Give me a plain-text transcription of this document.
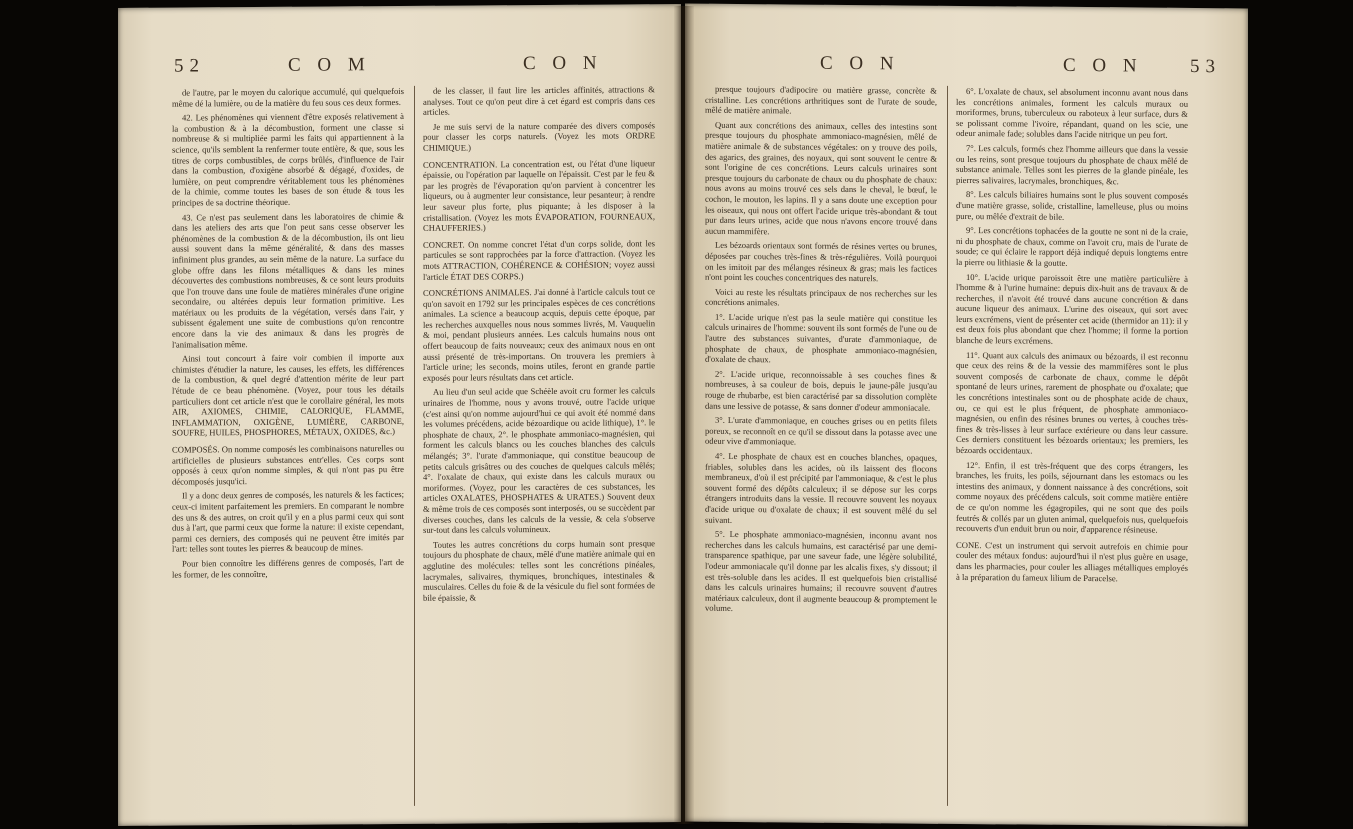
52	C O M	C O N

de l'autre, par le moyen du calorique accumulé, qui quelquefois même dé la lumière, ou de la matière du feu sous ces deux formes.

42. Les phénomènes qui viennent d'être exposés relativement à la combustion & à la décombustion, forment une classe si nombreuse & si multipliée parmi les faits qui appartiennent à la science, qu'ils semblent la renfermer toute entière, & que, sous les titres de corps combustibles, de corps brûlés, d'influence de l'air dans la combustion, d'oxigène absorbé & dégagé, d'oxides, de lumière, on peut comprendre véritablement tous les phénomènes de la chimie, comme toutes les bases de son étude & tous les principes de sa doctrine théorique.

43. Ce n'est pas seulement dans les laboratoires de chimie & dans les ateliers des arts que l'on peut sans cesse observer les phénomènes de la combustion & de la décombustion, ils ont lieu aussi souvent dans la même généralité, & dans des masses infiniment plus grandes, au sein même de la nature. La surface du globe offre dans les filons métalliques & dans les mines découvertes des combustions nombreuses, & ce sont leurs produits que l'on trouve dans une foule de matières minérales d'une origine secondaire, ou altérées depuis leur formation primitive. Les matériaux ou les produits de la végétation, versés dans l'air, y subissent également une suite de combustions qu'on rencontre encore dans la vie des animaux & dans les progrès de l'animalisation même.

Ainsi tout concourt à faire voir combien il importe aux chimistes d'étudier la nature, les causes, les effets, les différences de la combustion, & quel degré d'attention mérite de leur part l'étude de ce beau phénomène. (Voyez, pour tous les détails particuliers dont cet article n'est que le corollaire général, les mots AIR, AXIOMES, CHIMIE, CALORIQUE, FLAMME, INFLAMMATION, OXIGÈNE, LUMIÈRE, CARBONE, SOUFRE, HUILES, PHOSPHORES, MÉTAUX, OXIDES, &c.)

COMPOSÉS. On nomme composés les combinaisons naturelles ou artificielles de plusieurs substances entr'elles. Ces corps sont opposés à ceux qu'on nomme simples, & qui n'ont pas pu être décomposés jusqu'ici.

Il y a donc deux genres de composés, les naturels & les factices; ceux-ci imitent parfaitement les premiers. En comparant le nombre des uns & des autres, on croit qu'il y en a plus parmi ceux qui sont dus à l'art, que parmi ceux que forme la nature: il existe cependant, parmi ces derniers, des composés qui ne peuvent être imités par l'art: telles sont toutes les pierres & beaucoup de mines.

Pour bien connoître les différens genres de composés, l'art de les former, de les connoître,

de les classer, il faut lire les articles affinités, attractions & analyses. Tout ce qu'on peut dire à cet égard est compris dans ces articles.

Je me suis servi de la nature comparée des divers composés pour classer les corps naturels. (Voyez les mots ORDRE CHIMIQUE.)

CONCENTRATION. La concentration est, ou l'état d'une liqueur épaissie, ou l'opération par laquelle on l'épaissit. C'est par le feu & par les progrès de l'évaporation qu'on parvient à concentrer les liqueurs, ou à augmenter leur consistance, leur pesanteur; à rendre leur saveur plus forte, plus piquante; à les disposer à la cristallisation. (Voyez les mots ÉVAPORATION, FOURNEAUX, CHAUFFERIES.)

CONCRET. On nomme concret l'état d'un corps solide, dont les particules se sont rapprochées par la force d'attraction. (Voyez les mots ATTRACTION, COHÉRENCE & COHÉSION; voyez aussi l'article ÉTAT DES CORPS.)

CONCRÉTIONS ANIMALES. J'ai donné à l'article calculs tout ce qu'on savoit en 1792 sur les principales espèces de ces concrétions animales. La science a beaucoup acquis, depuis cette époque, par les recherches auxquelles nous nous sommes livrés, M. Vauquelin & moi, pendant plusieurs années. Les calculs humains nous ont offert beaucoup de faits nouveaux; ceux des animaux nous en ont aussi présenté de très-importans. On trouvera les premiers à l'article urine; les seconds, moins utiles, feront en grande partie exposés pour leurs résultats dans cet article.

Au lieu d'un seul acide que Schéèle avoit cru former les calculs urinaires de l'homme, nous y avons trouvé, outre l'acide urique (c'est ainsi qu'on nomme aujourd'hui ce qui avoit été nommé dans les volumes précédens, acide bézoardique ou acide lithique), 1°. le phosphate de chaux, 2°. le phosphate ammoniaco-magnésien, qui forment les calculs blancs ou les couches blanches des calculs mélangés; 3°. l'urate d'ammoniaque, qui constitue beaucoup de petits calculs grisâtres ou des couches de quelques calculs mêlés; 4°. l'oxalate de chaux, qui existe dans les calculs muraux ou moriformes. (Voyez, pour les caractères de ces substances, les articles OXALATES, PHOSPHATES & URATES.) Souvent deux & même trois de ces composés sont interposés, ou se succèdent par diverses couches, dans les calculs de la vessie, & cela s'observe sur-tout dans les calculs volumineux.

Toutes les autres concrétions du corps humain sont presque toujours du phosphate de chaux, mêlé d'une matière animale qui en agglutine des molécules: telles sont les concrétions pinéales, lacrymales, salivaires, thymiques, bronchiques, intestinales & musculaires. Celles du foie & de la vésicule du fiel sont formées de bile épaissie, &

C O N	C O N 53

presque toujours d'adipocire ou matière grasse, concrète & cristalline. Les concrétions arthritiques sont de l'urate de soude, mêlé de matière animale.

Quant aux concrétions des animaux, celles des intestins sont presque toujours du phosphate ammoniaco-magnésien, mêlé de matière animale & de substances végétales: on y trouve des poils, des agarics, des graines, des noyaux, qui sont souvent le centre & sont l'origine de ces concrétions. Leurs calculs urinaires sont presque toujours du carbonate de chaux ou du phosphate de chaux: nous avons au moins trouvé ces sels dans le cheval, le bœuf, le cochon, le mouton, les lapins. Il y a sans doute une exception pour les oiseaux, qui nous ont offert l'acide urique très-abondant & tout pur dans leurs urines, acide que nous n'avons encore trouvé dans aucun mammifère.

Les bézoards orientaux sont formés de résines vertes ou brunes, déposées par couches très-fines & très-régulières. Voilà pourquoi on les imitoit par des mélanges résineux & gras; mais les factices n'ont point les couches concentriques des naturels.

Voici au reste les résultats principaux de nos recherches sur les concrétions animales.

1°. L'acide urique n'est pas la seule matière qui constitue les calculs urinaires de l'homme: souvent ils sont formés de l'une ou de l'autre des substances suivantes, d'urate d'ammoniaque, de phosphate de chaux, de phosphate ammoniaco-magnésien, d'oxalate de chaux.

2°. L'acide urique, reconnoissable à ses couches fines & nombreuses, à sa couleur de bois, depuis le jaune-pâle jusqu'au rouge de rhubarbe, est bien caractérisé par sa dissolution complète dans une lessive de potasse, & sans donner d'odeur ammoniacale.

3°. L'urate d'ammoniaque, en couches grises ou en petits filets poreux, se reconnoît en ce qu'il se dissout dans la potasse avec une odeur vive d'ammoniaque.

4°. Le phosphate de chaux est en couches blanches, opaques, friables, solubles dans les acides, où ils laissent des flocons membraneux, d'où il est précipité par l'ammoniaque, & c'est le plus souvent formé des dépôts calculeux; il se dépose sur les corps étrangers introduits dans la vessie. Il recouvre souvent les noyaux d'acide urique ou d'oxalate de chaux; il est souvent mêlé du sel suivant.

5°. Le phosphate ammoniaco-magnésien, inconnu avant nos recherches dans les calculs humains, est caractérisé par une demi-transparence spathique, par une saveur fade, une légère solubilité, l'odeur ammoniacale qu'il donne par les alcalis fixes, s'y dissout; il est très-soluble dans les acides. Il est quelquefois bien cristallisé dans les calculs urinaires humains; il recouvre souvent d'autres matériaux calculeux, dont il augmente beaucoup & promptement le volume.

6°. L'oxalate de chaux, sel absolument inconnu avant nous dans les concrétions animales, forment les calculs muraux ou moriformes, bruns, tuberculeux ou raboteux à leur surface, durs & se polissant comme l'ivoire, répandant, quand on les scie, une odeur animale fade; solubles dans l'acide nitrique un peu fort.

7°. Les calculs, formés chez l'homme ailleurs que dans la vessie ou les reins, sont presque toujours du phosphate de chaux mêlé de substance animale. Telles sont les pierres de la glande pinéale, les pierres salivaires, lacrymales, bronchiques, &c.

8°. Les calculs biliaires humains sont le plus souvent composés d'une matière grasse, solide, cristalline, lamelleuse, plus ou moins pure, ou mêlée d'extrait de bile.

9°. Les concrétions tophacées de la goutte ne sont ni de la craie, ni du phosphate de chaux, comme on l'avoit cru, mais de l'urate de soude; ce qui éclaire le rapport déjà indiqué depuis longtems entre la pierre ou lithiasie & la goutte.

10°. L'acide urique paroissoit être une matière particulière à l'homme & à l'urine humaine: depuis dix-huit ans de travaux & de recherches, il n'avoit été trouvé dans aucune concrétion & dans aucune liqueur des animaux. L'urine des oiseaux, qui sort avec leurs excrémens, vient de présenter cet acide (thermidor an 11): il y est deux fois plus abondant que chez l'homme; il forme la portion blanche de leurs excrémens.

11°. Quant aux calculs des animaux ou bézoards, il est reconnu que ceux des reins & de la vessie des mammifères sont le plus souvent composés de carbonate de chaux, comme le dépôt spontané de leurs urines, rarement de phosphate ou d'oxalate; que les concrétions intestinales sont ou de phosphate acide de chaux, ou, ce qui est le plus fréquent, de phosphate ammoniaco-magnésien, ou enfin des résines brunes ou vertes, à couches très-fines & très-lisses à leur surface extérieure ou dans leur cassure. Ces derniers constituent les bézoards orientaux; les premiers, les bézoards occidentaux.

12°. Enfin, il est très-fréquent que des corps étrangers, les branches, les fruits, les poils, séjournant dans les estomacs ou les intestins des animaux, y donnent naissance à des concrétions, soit comme noyaux des précédens calculs, soit comme matière entière de ce qu'on nomme les égagropiles, qui ne sont que des poils feutrés & collés par un gluten animal, quelquefois nus, quelquefois recouverts d'un enduit brun ou noir, d'apparence résineuse.

CONE. C'est un instrument qui servoit autrefois en chimie pour couler des métaux fondus: aujourd'hui il n'est plus guère en usage, dans les pharmacies, pour couler les alliages métalliques employés à la préparation du fameux lilium de Paracelse.
